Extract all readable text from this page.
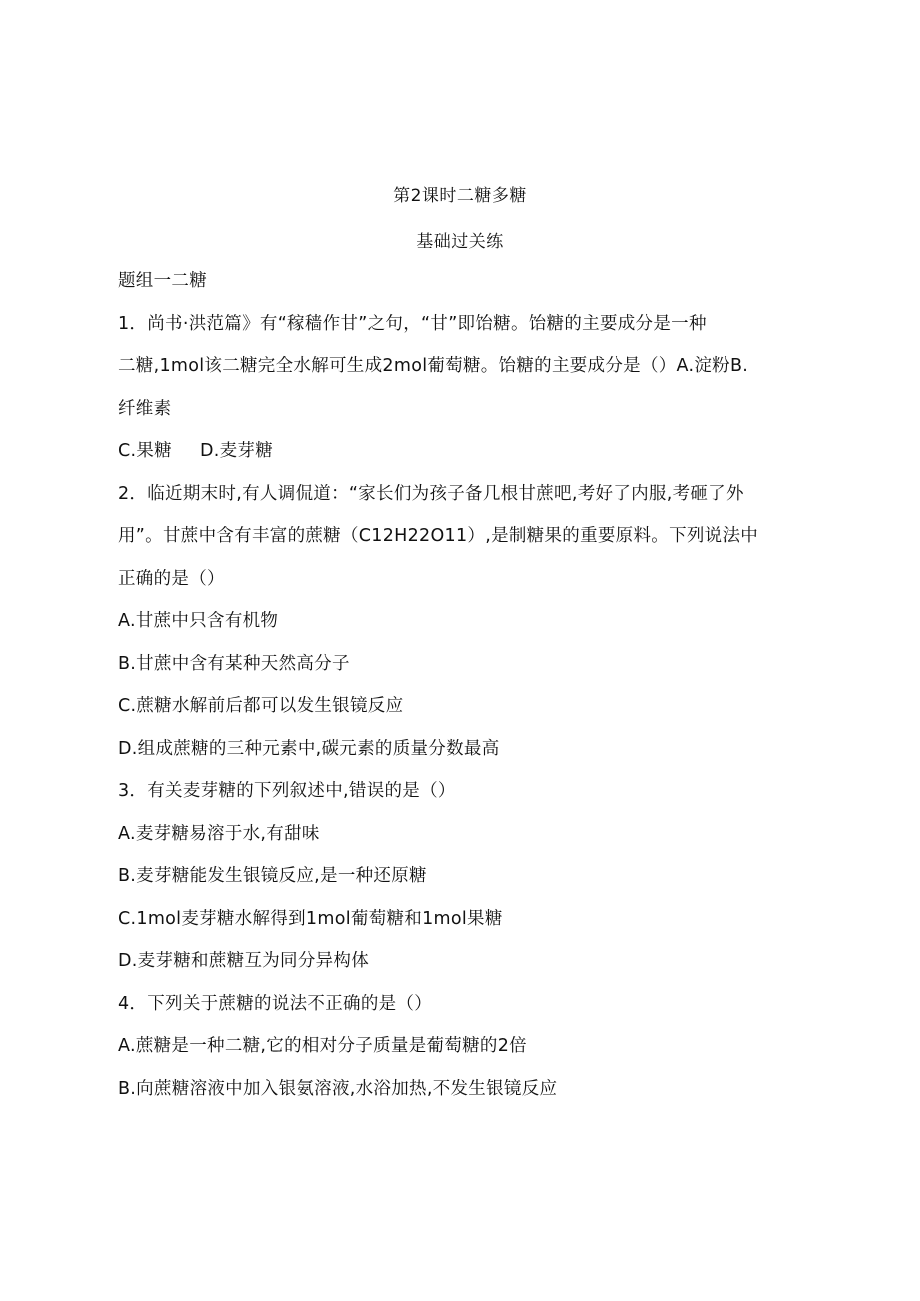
第2课时二糖多糖
基础过关练
题组一二糖
1．尚书·洪范篇》有“稼穑作甘”之句，“甘”即饴糖。饴糖的主要成分是一种
二糖,1mol该二糖完全水解可生成2mol葡萄糖。饴糖的主要成分是（）A.淀粉B.
纤维素
C.果糖 D.麦芽糖
2．临近期末时,有人调侃道：“家长们为孩子备几根甘蔗吧,考好了内服,考砸了外
用”。甘蔗中含有丰富的蔗糖（C12H22O11）,是制糖果的重要原料。下列说法中
正确的是（）
A.甘蔗中只含有机物
B.甘蔗中含有某种天然高分子
C.蔗糖水解前后都可以发生银镜反应
D.组成蔗糖的三种元素中,碳元素的质量分数最高
3．有关麦芽糖的下列叙述中,错误的是（）
A.麦芽糖易溶于水,有甜味
B.麦芽糖能发生银镜反应,是一种还原糖
C.1mol麦芽糖水解得到1mol葡萄糖和1mol果糖
D.麦芽糖和蔗糖互为同分异构体
4．下列关于蔗糖的说法不正确的是（）
A.蔗糖是一种二糖,它的相对分子质量是葡萄糖的2倍
B.向蔗糖溶液中加入银氨溶液,水浴加热,不发生银镜反应
